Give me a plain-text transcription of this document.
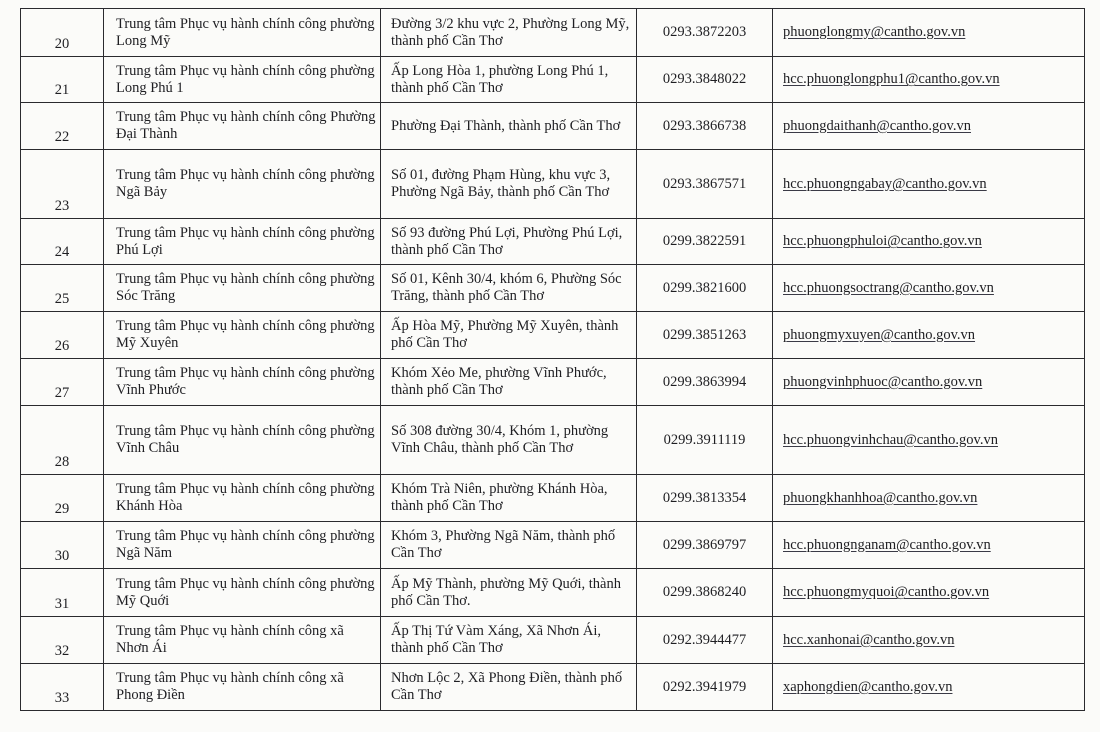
20	Trung tâm Phục vụ hành chính công phường Long Mỹ	Đường 3/2 khu vực 2, Phường Long Mỹ, thành phố Cần Thơ	0293.3872203	phuonglongmy@cantho.gov.vn
21	Trung tâm Phục vụ hành chính công phường Long Phú 1	Ấp Long Hòa 1, phường Long Phú 1, thành phố Cần Thơ	0293.3848022	hcc.phuonglongphu1@cantho.gov.vn
22	Trung tâm Phục vụ hành chính công Phường Đại Thành	Phường Đại Thành, thành phố Cần Thơ	0293.3866738	phuongdaithanh@cantho.gov.vn
23	Trung tâm Phục vụ hành chính công phường Ngã Bảy	Số 01, đường Phạm Hùng, khu vực 3, Phường Ngã Bảy, thành phố Cần Thơ	0293.3867571	hcc.phuongngabay@cantho.gov.vn
24	Trung tâm Phục vụ hành chính công phường Phú Lợi	Số 93 đường Phú Lợi, Phường Phú Lợi, thành phố Cần Thơ	0299.3822591	hcc.phuongphuloi@cantho.gov.vn
25	Trung tâm Phục vụ hành chính công phường Sóc Trăng	Số 01, Kênh 30/4, khóm 6, Phường Sóc Trăng, thành phố Cần Thơ	0299.3821600	hcc.phuongsoctrang@cantho.gov.vn
26	Trung tâm Phục vụ hành chính công phường Mỹ Xuyên	Ấp Hòa Mỹ, Phường Mỹ Xuyên, thành phố Cần Thơ	0299.3851263	phuongmyxuyen@cantho.gov.vn
27	Trung tâm Phục vụ hành chính công phường Vĩnh Phước	Khóm Xẻo Me, phường Vĩnh Phước, thành phố Cần Thơ	0299.3863994	phuongvinhphuoc@cantho.gov.vn
28	Trung tâm Phục vụ hành chính công phường Vĩnh Châu	Số 308 đường 30/4, Khóm 1, phường Vĩnh Châu, thành phố Cần Thơ	0299.3911119	hcc.phuongvinhchau@cantho.gov.vn
29	Trung tâm Phục vụ hành chính công phường Khánh Hòa	Khóm Trà Niên, phường Khánh Hòa, thành phố Cần Thơ	0299.3813354	phuongkhanhhoa@cantho.gov.vn
30	Trung tâm Phục vụ hành chính công phường Ngã Năm	Khóm 3, Phường Ngã Năm, thành phố Cần Thơ	0299.3869797	hcc.phuongnganam@cantho.gov.vn
31	Trung tâm Phục vụ hành chính công phường Mỹ Quới	Ấp Mỹ Thành, phường Mỹ Quới, thành phố Cần Thơ.	0299.3868240	hcc.phuongmyquoi@cantho.gov.vn
32	Trung tâm Phục vụ hành chính công xã Nhơn Ái	Ấp Thị Tứ Vàm Xáng, Xã Nhơn Ái, thành phố Cần Thơ	0292.3944477	hcc.xanhonai@cantho.gov.vn
33	Trung tâm Phục vụ hành chính công xã Phong Điền	Nhơn Lộc 2, Xã Phong Điền, thành phố Cần Thơ	0292.3941979	xaphongdien@cantho.gov.vn
